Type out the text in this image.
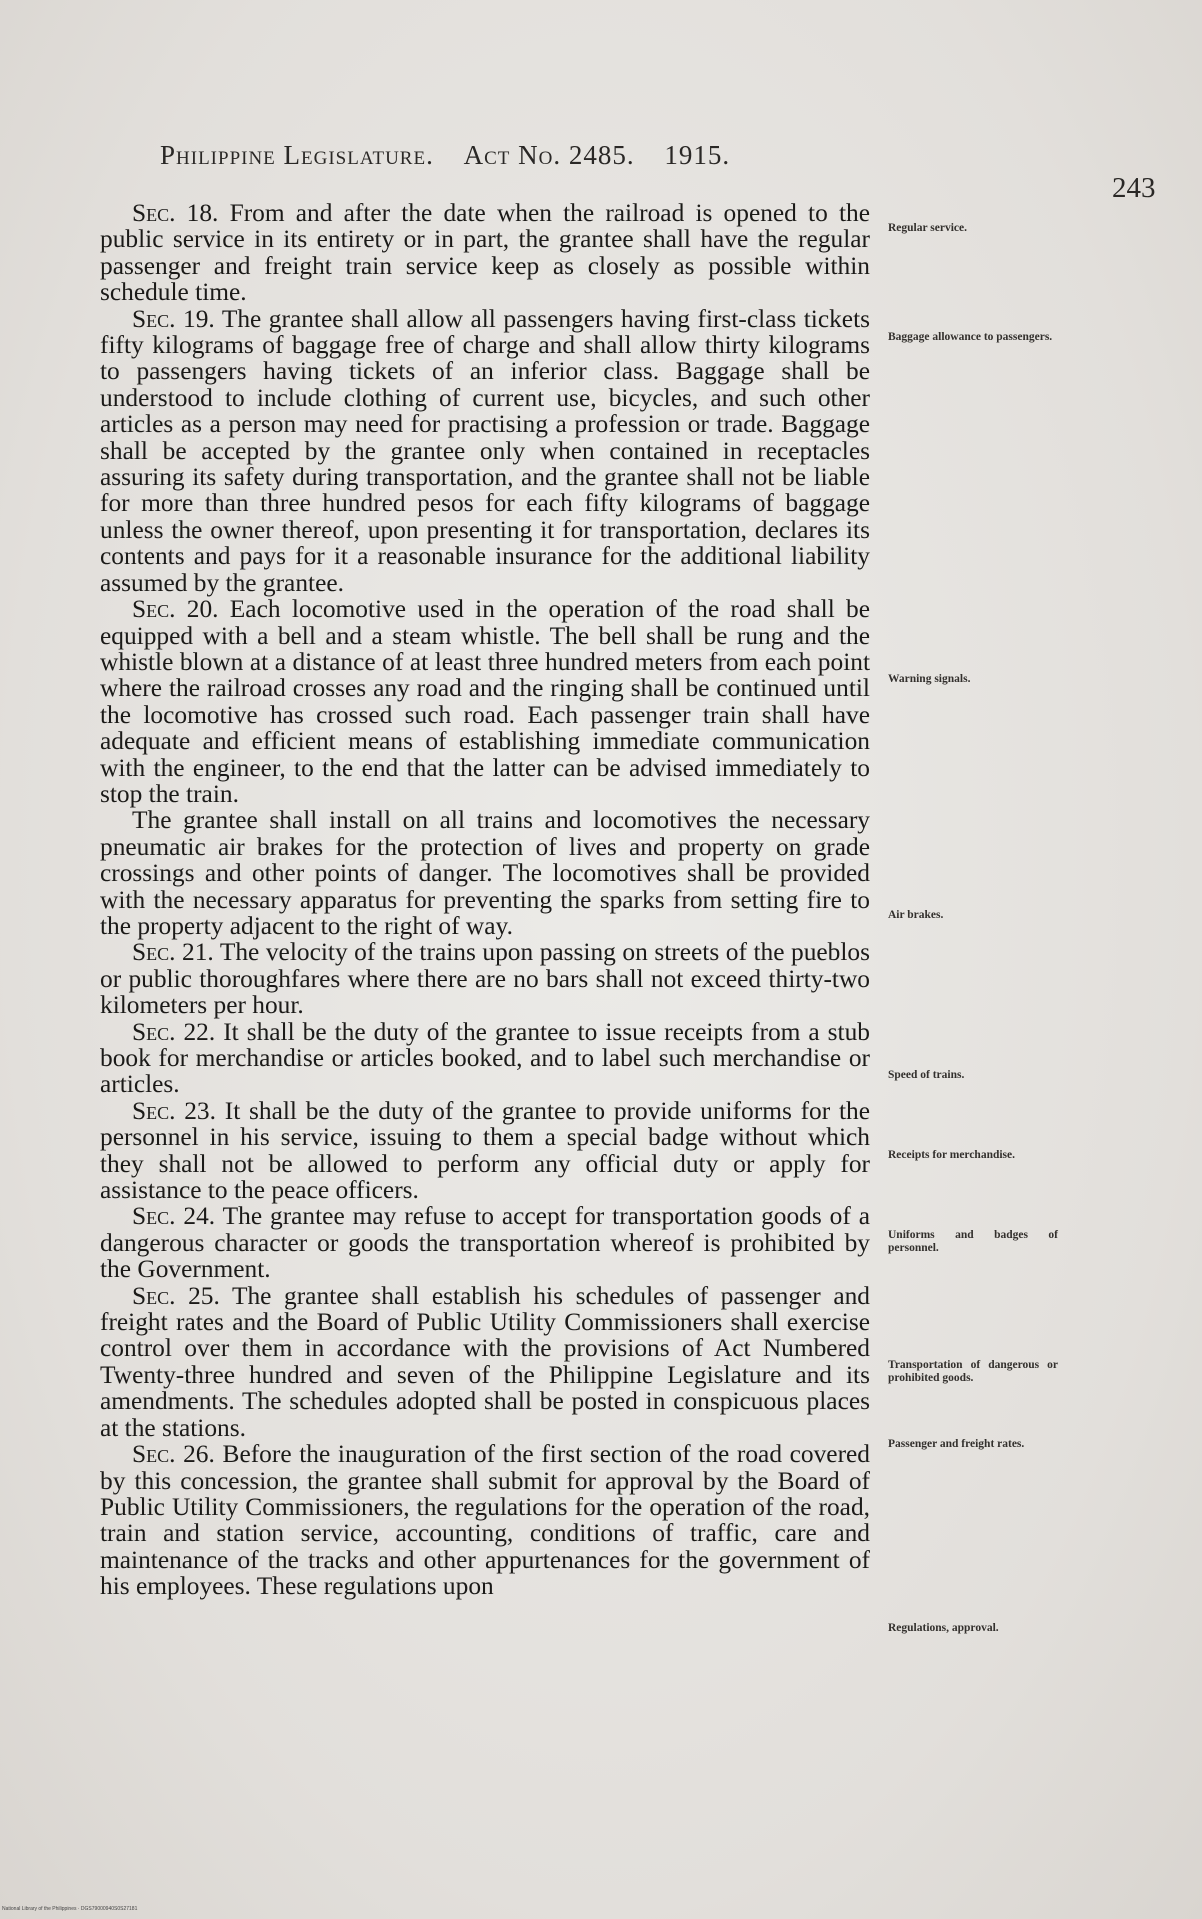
Philippine Legislature. Act No. 2485. 1915.
243

Sec. 18. From and after the date when the railroad is opened to the public service in its entirety or in part, the grantee shall have the regular passenger and freight train service keep as closely as possible within schedule time.

Sec. 19. The grantee shall allow all passengers having first-class tickets fifty kilograms of baggage free of charge and shall allow thirty kilograms to passengers having tickets of an inferior class. Baggage shall be understood to include clothing of current use, bicycles, and such other articles as a person may need for practising a profession or trade. Baggage shall be accepted by the grantee only when contained in receptacles assuring its safety during transportation, and the grantee shall not be liable for more than three hundred pesos for each fifty kilograms of baggage unless the owner thereof, upon presenting it for transportation, declares its contents and pays for it a reasonable insurance for the additional liability assumed by the grantee.

Sec. 20. Each locomotive used in the operation of the road shall be equipped with a bell and a steam whistle. The bell shall be rung and the whistle blown at a distance of at least three hundred meters from each point where the railroad crosses any road and the ringing shall be continued until the locomotive has crossed such road. Each passenger train shall have adequate and efficient means of establishing immediate communication with the engineer, to the end that the latter can be advised immediately to stop the train.

The grantee shall install on all trains and locomotives the necessary pneumatic air brakes for the protection of lives and property on grade crossings and other points of danger. The locomotives shall be provided with the necessary apparatus for preventing the sparks from setting fire to the property adjacent to the right of way.

Sec. 21. The velocity of the trains upon passing on streets of the pueblos or public thoroughfares where there are no bars shall not exceed thirty-two kilometers per hour.

Sec. 22. It shall be the duty of the grantee to issue receipts from a stub book for merchandise or articles booked, and to label such merchandise or articles.

Sec. 23. It shall be the duty of the grantee to provide uniforms for the personnel in his service, issuing to them a special badge without which they shall not be allowed to perform any official duty or apply for assistance to the peace officers.

Sec. 24. The grantee may refuse to accept for transportation goods of a dangerous character or goods the transportation whereof is prohibited by the Government.

Sec. 25. The grantee shall establish his schedules of passenger and freight rates and the Board of Public Utility Commissioners shall exercise control over them in accordance with the provisions of Act Numbered Twenty-three hundred and seven of the Philippine Legislature and its amendments. The schedules adopted shall be posted in conspicuous places at the stations.

Sec. 26. Before the inauguration of the first section of the road covered by this concession, the grantee shall submit for approval by the Board of Public Utility Commissioners, the regulations for the operation of the road, train and station service, accounting, conditions of traffic, care and maintenance of the tracks and other appurtenances for the government of his employees. These regulations upon

Regular service.
Baggage allowance to passengers.
Warning signals.
Air brakes.
Speed of trains.
Receipts for merchandise.
Uniforms and badges of personnel.
Transportation of dangerous or prohibited goods.
Passenger and freight rates.
Regulations, approval.
National Library of the Philippines · DGS79000940S0S27181
